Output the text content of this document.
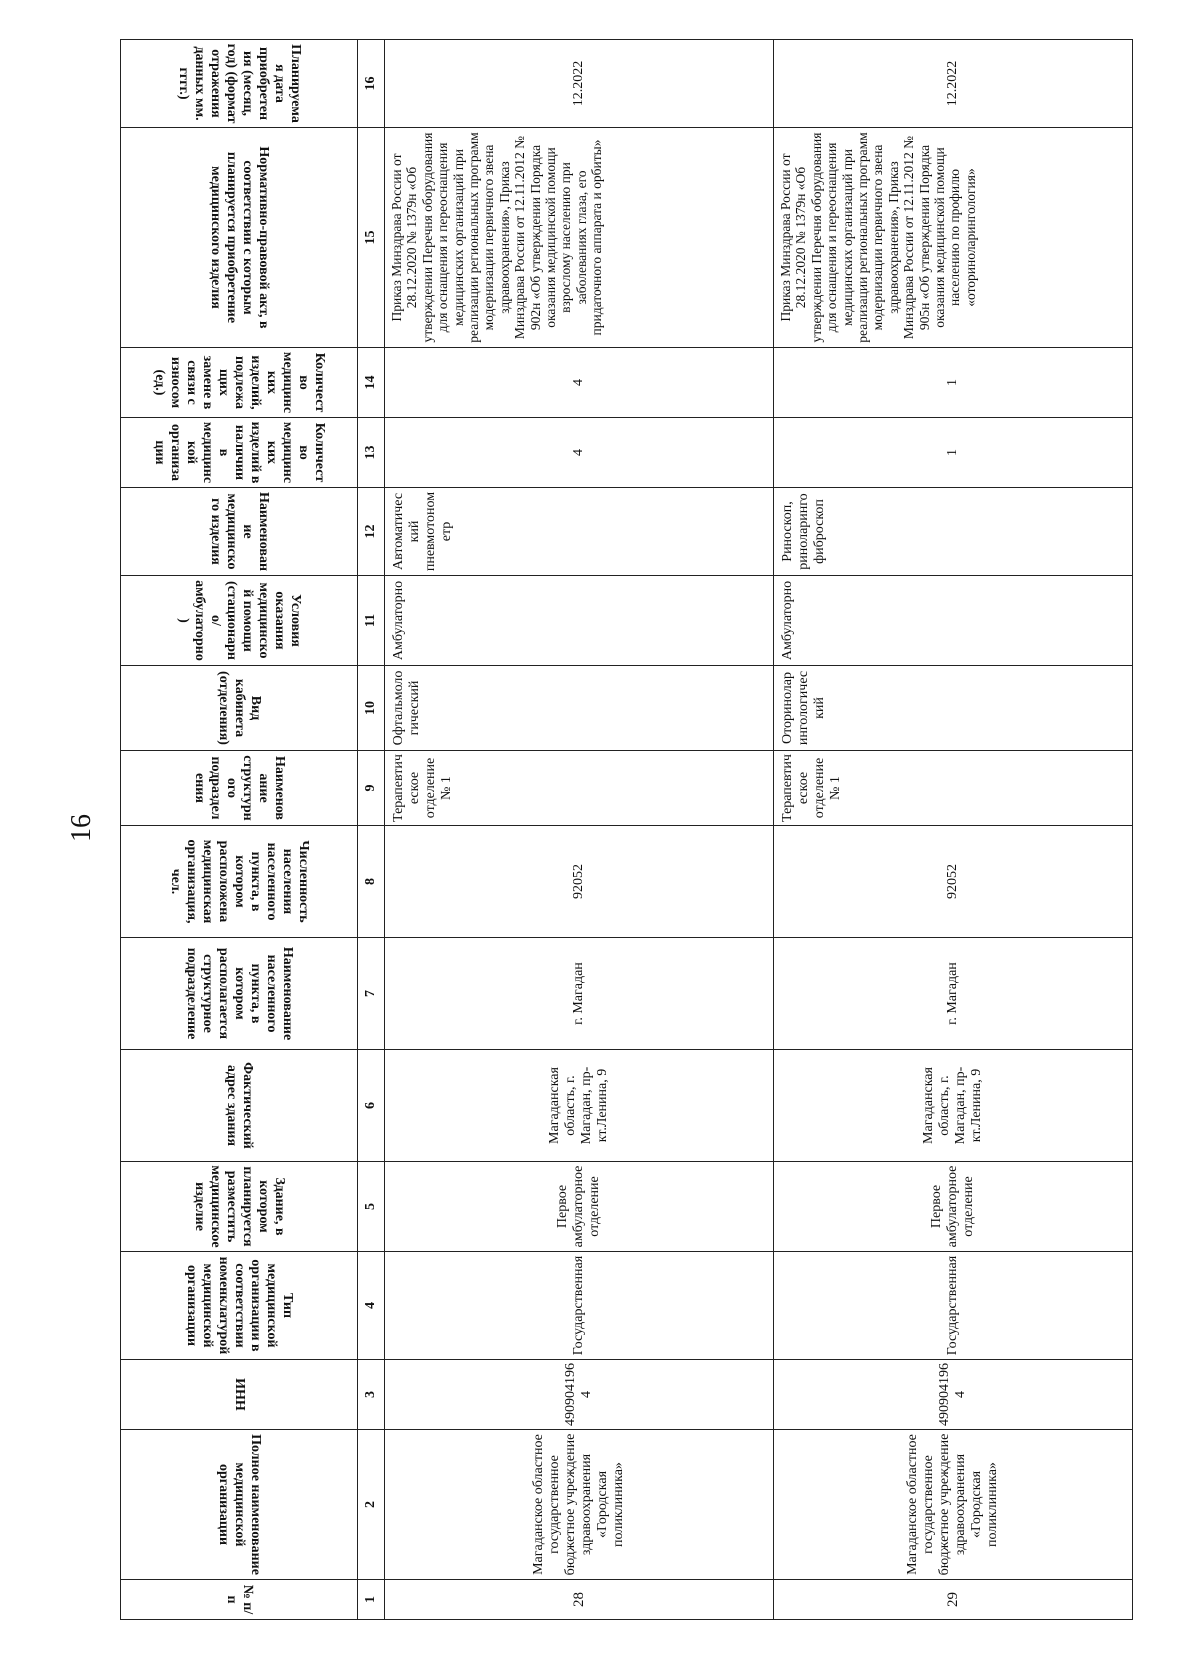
16
№ п/п	Полное наименование медицинской организации	ИНН	Тип медицинской организации в соответствии номенклатурой медицинской организации	Здание, в котором планируется разместить медицинское изделие	Фактический адрес здания	Наименование населенного пункта, в котором располагается структурное подразделение	Численность населения населенного пункта, в котором расположена медицинская организация, чел.	Наименование структурного подразделения	Вид кабинета (отделения)	Условия оказания медицинской помощи (стационарно/ амбулаторно)	Наименование медицинского изделия	Количество медицинских изделий в наличии в медицинской организации	Количество медицинских изделий, подлежащих замене в связи с износом (ед.)	Нормативно-правовой акт, в соответствии с которым планируется приобретение медицинского изделия	Планируемая дата приобретения (месяц, год) (формат отражения данных мм. гггг.)

1	2	3	4	5	6	7	8	9	10	11	12	13	14	15	16
28	Магаданское областное государственное бюджетное учреждение здравоохранения «Городская поликлиника»	4909041964	Государственная	Первое амбулаторное отделение	Магаданская область, г. Магадан, пр-кт.Ленина, 9	г. Магадан	92052	Терапевтическое отделение № 1	Офтальмологический	Амбулаторно	Автоматический пневмотонометр	4	4	Приказ Минздрава России от 28.12.2020 № 1379н «Об утверждении Перечня оборудования для оснащения и переоснащения медицинских организаций при реализации региональных программ модернизации первичного звена здравоохранения», Приказ Минздрава России от 12.11.2012 № 902н «Об утверждении Порядка оказания медицинской помощи взрослому населению при заболеваниях глаза, его придаточного аппарата и орбиты»	12.2022
29	Магаданское областное государственное бюджетное учреждение здравоохранения «Городская поликлиника»	4909041964	Государственная	Первое амбулаторное отделение	Магаданская область, г. Магадан, пр-кт.Ленина, 9	г. Магадан	92052	Терапевтическое отделение № 1	Оториноларингологический	Амбулаторно	Риноскоп, риноларингофиброскоп	1	1	Приказ Минздрава России от 28.12.2020 № 1379н «Об утверждении Перечня оборудования для оснащения и переоснащения медицинских организаций при реализации региональных программ модернизации первичного звена здравоохранения», Приказ Минздрава России от 12.11.2012 № 905н «Об утверждении Порядка оказания медицинской помощи населению по профилю «оториноларингология»	12.2022
